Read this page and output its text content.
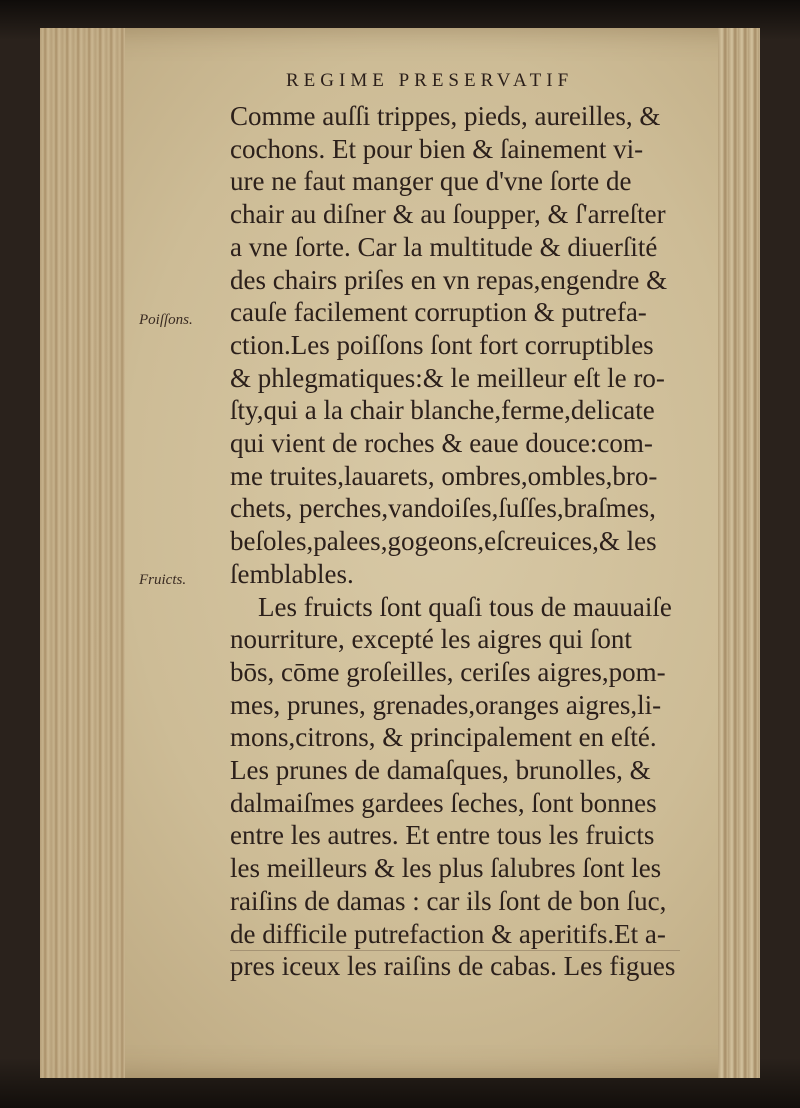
REGIME PRESERVATIF
Poiſſons.
Fruicts.
Comme auſſi trippes, pieds, aureilles, &
cochons. Et pour bien & ſainement vi-
ure ne faut manger que d'vne ſorte de
chair au diſner & au ſoupper, & ſ'arreſter
a vne ſorte. Car la multitude & diuerſité
des chairs priſes en vn repas,engendre &
cauſe facilement corruption & putrefa-
ction.Les poiſſons ſont fort corruptibles
& phlegmatiques:& le meilleur eſt le ro-
ſty,qui a la chair blanche,ferme,delicate
qui vient de roches & eaue douce:com-
me truites,lauarets, ombres,ombles,bro-
chets, perches,vandoiſes,ſuſſes,braſmes,
beſoles,palees,gogeons,eſcreuices,& les
ſemblables.
Les fruicts ſont quaſi tous de mauuaiſe
nourriture, excepté les aigres qui ſont
bōs, cōme groſeilles, ceriſes aigres,pom-
mes, prunes, grenades,oranges aigres,li-
mons,citrons, & principalement en eſté.
Les prunes de damaſques, brunolles, &
dalmaiſmes gardees ſeches, ſont bonnes
entre les autres. Et entre tous les fruicts
les meilleurs & les plus ſalubres ſont les
raiſins de damas : car ils ſont de bon ſuc,
de difficile putrefaction & aperitifs.Et a-
pres iceux les raiſins de cabas. Les figues
